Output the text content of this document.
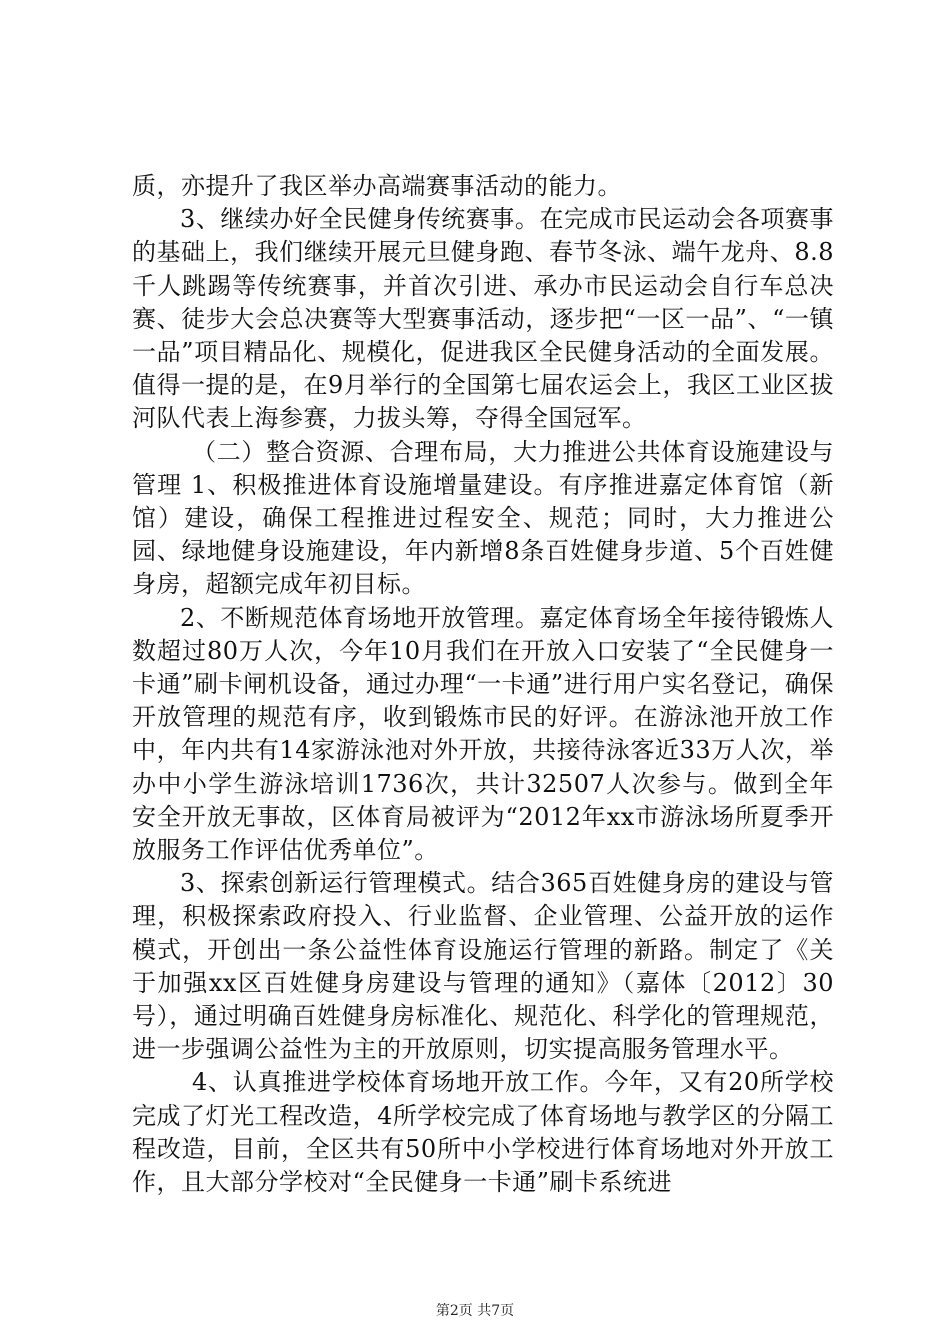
质，亦提升了我区举办高端赛事活动的能力。

3、继续办好全民健身传统赛事。在完成市民运动会各项赛事的基础上，我们继续开展元旦健身跑、春节冬泳、端午龙舟、8.8千人跳踢等传统赛事，并首次引进、承办市民运动会自行车总决赛、徒步大会总决赛等大型赛事活动，逐步把“一区一品”、“一镇一品”项目精品化、规模化，促进我区全民健身活动的全面发展。值得一提的是，在9月举行的全国第七届农运会上，我区工业区拔河队代表上海参赛，力拔头筹，夺得全国冠军。

（二）整合资源、合理布局，大力推进公共体育设施建设与管理 1、积极推进体育设施增量建设。有序推进嘉定体育馆（新馆）建设，确保工程推进过程安全、规范；同时，大力推进公园、绿地健身设施建设，年内新增8条百姓健身步道、5个百姓健身房，超额完成年初目标。

2、不断规范体育场地开放管理。嘉定体育场全年接待锻炼人数超过80万人次，今年10月我们在开放入口安装了“全民健身一卡通”刷卡闸机设备，通过办理“一卡通”进行用户实名登记，确保开放管理的规范有序，收到锻炼市民的好评。在游泳池开放工作中，年内共有14家游泳池对外开放，共接待泳客近33万人次，举办中小学生游泳培训1736次，共计32507人次参与。做到全年安全开放无事故，区体育局被评为“2012年xx市游泳场所夏季开放服务工作评估优秀单位”。

3、探索创新运行管理模式。结合365百姓健身房的建设与管理，积极探索政府投入、行业监督、企业管理、公益开放的运作模式，开创出一条公益性体育设施运行管理的新路。制定了《关于加强xx区百姓健身房建设与管理的通知》（嘉体〔2012〕30号），通过明确百姓健身房标准化、规范化、科学化的管理规范，进一步强调公益性为主的开放原则，切实提高服务管理水平。

4、认真推进学校体育场地开放工作。今年，又有20所学校完成了灯光工程改造，4所学校完成了体育场地与教学区的分隔工程改造，目前，全区共有50所中小学校进行体育场地对外开放工作，且大部分学校对“全民健身一卡通”刷卡系统进

第2页 共7页
